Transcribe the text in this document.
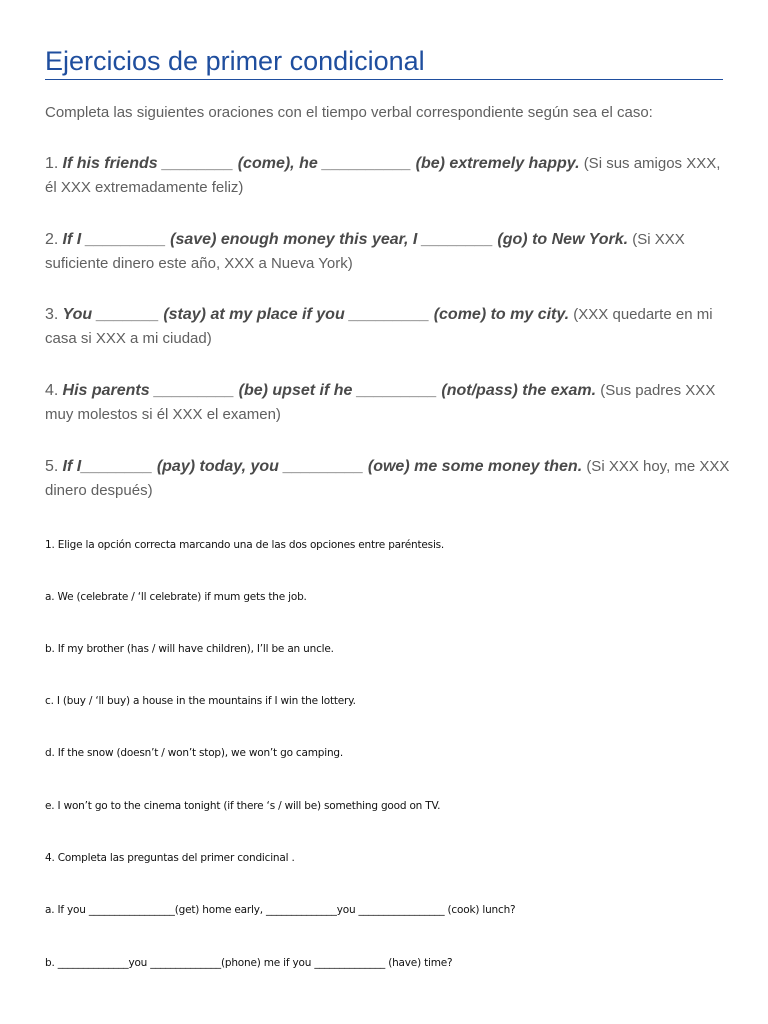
Ejercicios de primer condicional
Completa las siguientes oraciones con el tiempo verbal correspondiente según sea el caso:
1. If his friends ________ (come), he __________ (be) extremely happy. (Si sus amigos XXX, él XXX extremadamente feliz)
2. If I _________ (save) enough money this year, I ________ (go) to New York. (Si XXX suficiente dinero este año, XXX a Nueva York)
3. You _______ (stay) at my place if you _________ (come) to my city. (XXX quedarte en mi casa si XXX a mi ciudad)
4. His parents _________ (be) upset if he _________ (not/pass) the exam. (Sus padres XXX muy molestos si él XXX el examen)
5. If I________ (pay) today, you _________ (owe) me some money then. (Si XXX hoy, me XXX dinero después)
1. Elige la opción correcta marcando una de las dos opciones entre paréntesis.
a. We (celebrate / ‘ll celebrate) if mum gets the job.
b. If my brother (has / will have children), I’ll be an uncle.
c. I (buy / ‘ll buy) a house in the mountains if I win the lottery.
d. If the snow (doesn’t / won’t stop), we won’t go camping.
e. I won’t go to the cinema tonight (if there ‘s / will be) something good on TV.
4. Completa las preguntas del primer condicinal .
a. If you _________________(get) home early, ______________you _________________ (cook) lunch?
b. ______________you ______________(phone) me if you ______________ (have) time?
